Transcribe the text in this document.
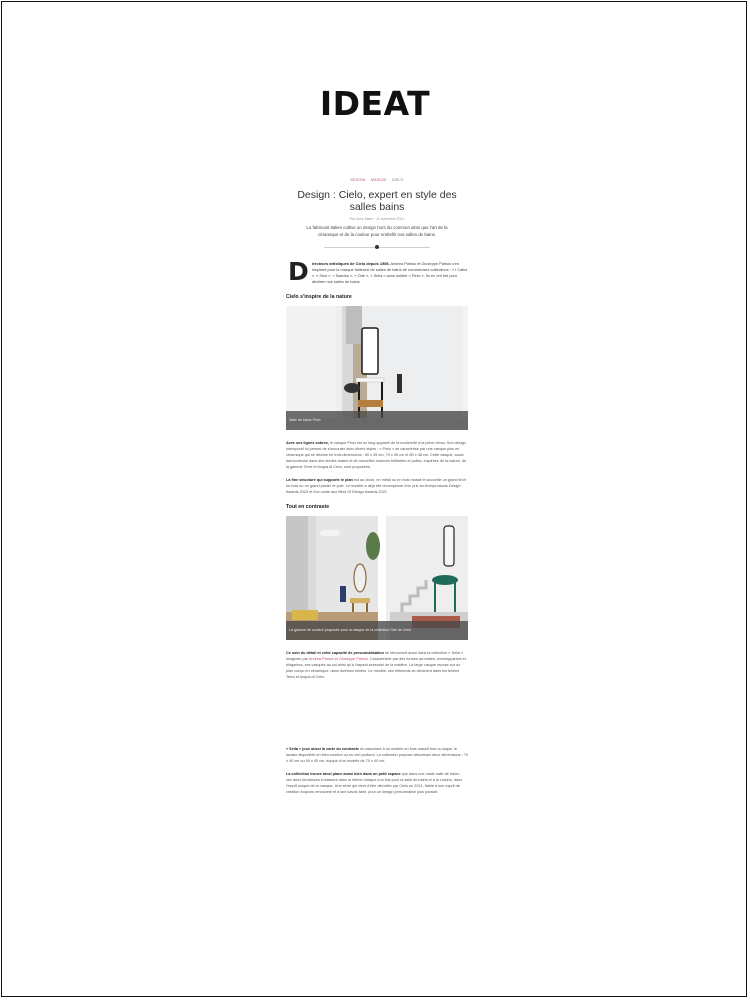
IDEAT
DESIGN · MAISON · CIELO
Design : Cielo, expert en style des salles bains
Par Anne Marie · 11 novembre 2021
La fabricant italien cultive un design hors du commun ainsi que l'art de la céramique et de la couleur pour embellir nos salles de bains.
Directeurs artistiques de Cielo depuis 1985, Andrea Parisio et Giuseppe Parisio s'en inspirent pour la marque italienne de salles de bains de nombreuses collections : « I Catini », « Shui », « Narciso », « Ode », « Sella » sans oublier « Pinio ». Ils en ont tiré pour décliner nos salles de bains.
Cielo s'inspire de la nature
Salle de bains Pinio
Avec ses lignes sobres, le vasque Pinio est un long appareil de la modernité à la pièce d'eau. Son design intemporel lui permet de s'accorder avec divers styles : « Pinio » se caractérise par une vasque plus en céramique qui se décline en trois dimensions : 60 x 45 cm, 70 x 45 cm et 80 x 48 cm. Cette vasque, aussi harmonieuse dans des teintes mates et de nouvelles nuances brillantes et polies, inspirées de la nature, de la gamme Terre et Acqua di Cielo, sont proposées.
La fine structure qui supporte le plan est au choix, en métal ou en bois massif et accueille un grand tiroir en bois ou un grand panier en jute. Le modèle a déjà été récompensé d'un prix au Archiproducts Design Awards 2020 et d'un autre aux Best Of Design Awards 2021.
Tout en contraste
La gamme de couleur proposée pour la vasque de la collection Ode de Cielo
Ce soin du détail et cette capacité de personnalisation se retrouvent aussi dans la collection « Sella » imaginée par Andrea Parisio et Giuseppe Parisio. Caractérisée par des formes arrondies, enveloppantes et élégantes, ses vasques au sol ainsi qu'à l'aspect sensoriel de la matière. La large vasque repose sur un plan conçu en céramique, dans diverses teintes. Le meuble, ses éléments se déclinent dans les teintes Terra et Acqua di Cielo.
« Sella » joue aussi la carte du contraste en associant à un modèle en bois massif brut ou laqué, le lavabo disponible en bleu sombre ou en vert profond. La collection propose désormais deux dimensions : 70 x 40 cm ou 90 x 40 cm, équipé d'un modèle de 70 x 40 cm.
La collection trouve ainsi place aussi bien dans un petit espace que dans une vaste salle de bains ; ces deux tendances s'unissent dans la même marque à la fois pour la salle de bains et à la cuisine, dans l'esprit unique de la marque. Une série qui vient d'être dévoilée par Cielo en 2021, fidèle à son esprit de création toujours renouvelé et à son savoir-faire, pour un design personnalisé plus poussé.
